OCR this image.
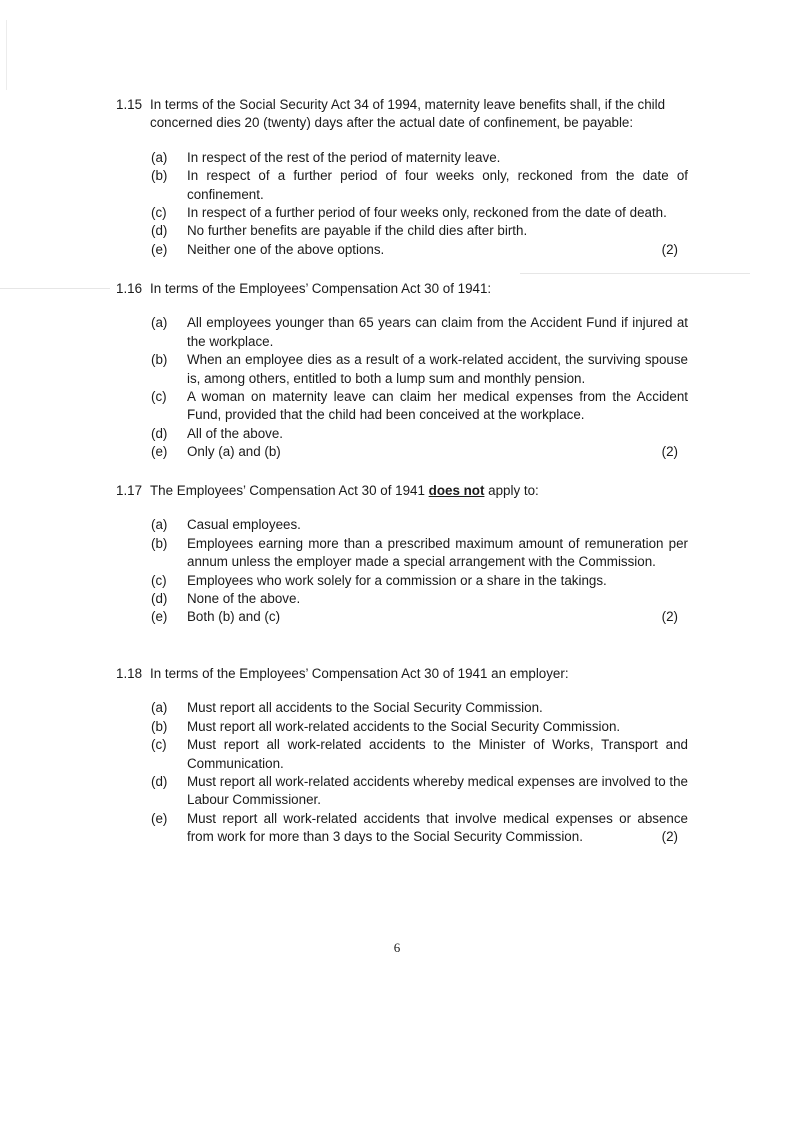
1.15 In terms of the Social Security Act 34 of 1994, maternity leave benefits shall, if the child concerned dies 20 (twenty) days after the actual date of confinement, be payable:
(a) In respect of the rest of the period of maternity leave.
(b) In respect of a further period of four weeks only, reckoned from the date of confinement.
(c) In respect of a further period of four weeks only, reckoned from the date of death.
(d) No further benefits are payable if the child dies after birth.
(e) Neither one of the above options.	(2)
1.16 In terms of the Employees’ Compensation Act 30 of 1941:
(a) All employees younger than 65 years can claim from the Accident Fund if injured at the workplace.
(b) When an employee dies as a result of a work-related accident, the surviving spouse is, among others, entitled to both a lump sum and monthly pension.
(c) A woman on maternity leave can claim her medical expenses from the Accident Fund, provided that the child had been conceived at the workplace.
(d) All of the above.
(e) Only (a) and (b)	(2)
1.17 The Employees’ Compensation Act 30 of 1941 does not apply to:
(a) Casual employees.
(b) Employees earning more than a prescribed maximum amount of remuneration per annum unless the employer made a special arrangement with the Commission.
(c) Employees who work solely for a commission or a share in the takings.
(d) None of the above.
(e) Both (b) and (c)	(2)
1.18 In terms of the Employees’ Compensation Act 30 of 1941 an employer:
(a) Must report all accidents to the Social Security Commission.
(b) Must report all work-related accidents to the Social Security Commission.
(c) Must report all work-related accidents to the Minister of Works, Transport and Communication.
(d) Must report all work-related accidents whereby medical expenses are involved to the Labour Commissioner.
(e) Must report all work-related accidents that involve medical expenses or absence from work for more than 3 days to the Social Security Commission.	(2)
6
